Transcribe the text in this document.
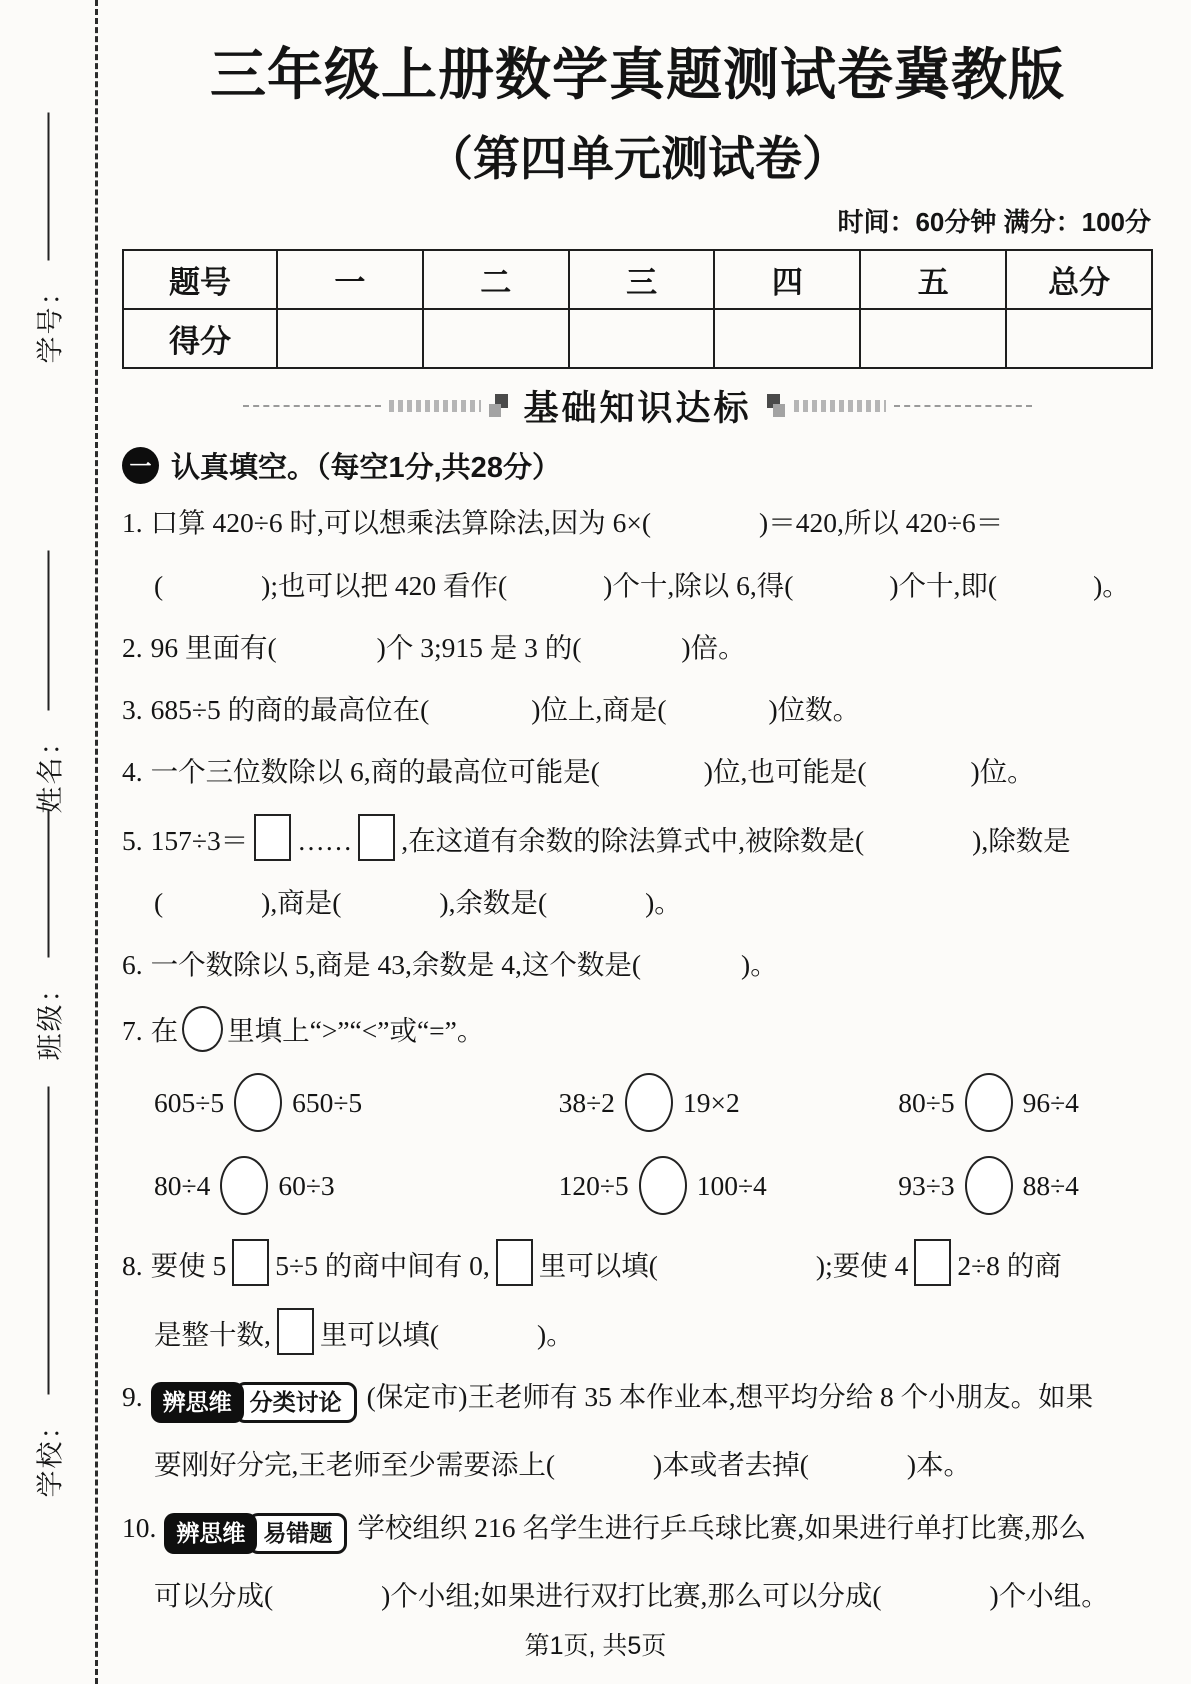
学号：
姓名：
班级：
学校：
三年级上册数学真题测试卷冀教版
（第四单元测试卷）
时间：60分钟 满分：100分
题号	一	二	三	四	五	总分
得分						
基础知识达标
一 认真填空。（每空1分,共28分）
1. 口算 420÷6 时,可以想乘法算除法,因为 6×(	)＝420,所以 420÷6＝
(	);也可以把 420 看作(	)个十,除以 6,得(	)个十,即(	)。
2. 96 里面有(	)个 3;915 是 3 的(	)倍。
3. 685÷5 的商的最高位在(	)位上,商是(	)位数。
4. 一个三位数除以 6,商的最高位可能是(	)位,也可能是(	)位。
5. 157÷3＝ …… ,在这道有余数的除法算式中,被除数是(	),除数是
(	),商是(	),余数是(	)。
6. 一个数除以 5,商是 43,余数是 4,这个数是(	)。
7. 在 里填上“>”“<”或“=”。
605÷5 650÷5	38÷2 19×2	80÷5 96÷4
80÷4 60÷3	120÷5 100÷4	93÷3 88÷4
8. 要使 5 5÷5 的商中间有 0, 里可以填(	);要使 4 2÷8 的商
是整十数, 里可以填(	)。
9. 辨思维 分类讨论 (保定市)王老师有 35 本作业本,想平均分给 8 个小朋友。如果
要刚好分完,王老师至少需要添上(	)本或者去掉(	)本。
10. 辨思维 易错题 学校组织 216 名学生进行乒乓球比赛,如果进行单打比赛,那么
可以分成(	)个小组;如果进行双打比赛,那么可以分成(	)个小组。
第1页, 共5页
